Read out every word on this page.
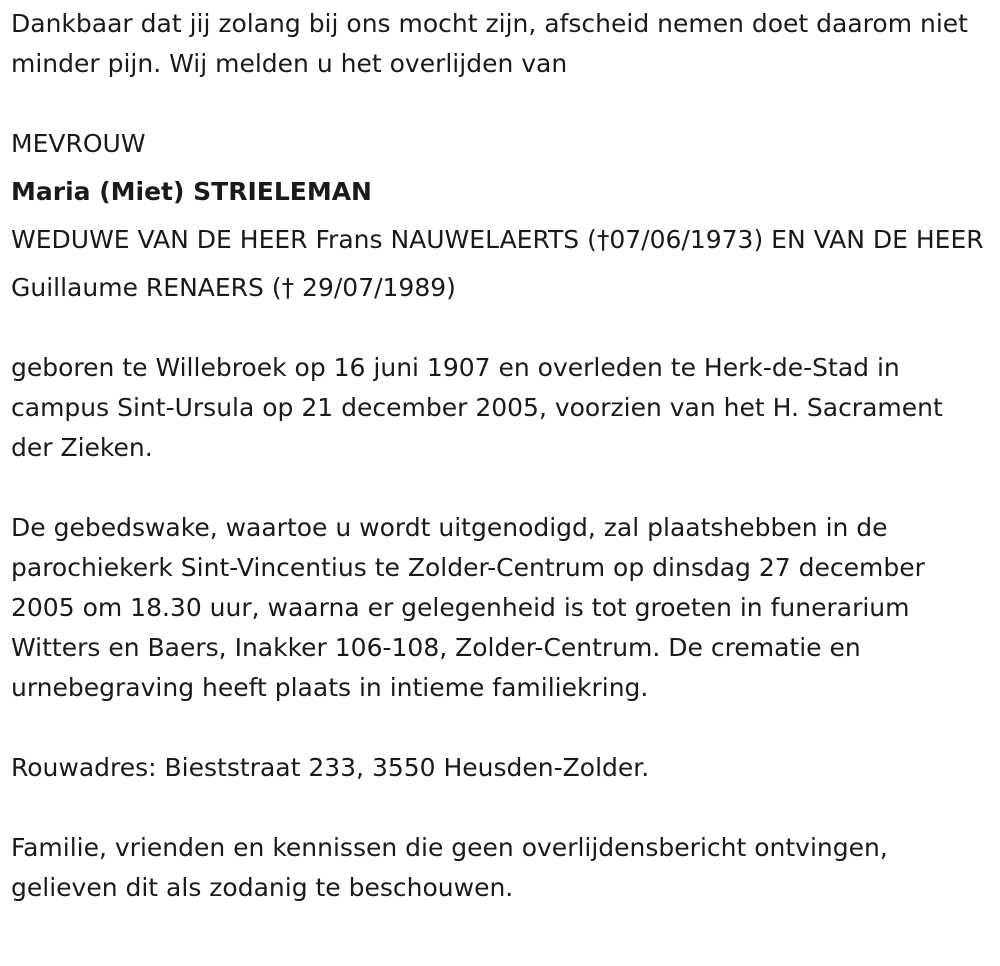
Dankbaar dat jij zolang bij ons mocht zijn, afscheid nemen doet daarom niet minder pijn. Wij melden u het overlijden van

MEVROUW

Maria (Miet) STRIELEMAN

WEDUWE VAN DE HEER Frans NAUWELAERTS (†07/06/1973) EN VAN DE HEER

Guillaume RENAERS († 29/07/1989)

geboren te Willebroek op 16 juni 1907 en overleden te Herk-de-Stad in campus Sint-Ursula op 21 december 2005, voorzien van het H. Sacrament der Zieken.

De gebedswake, waartoe u wordt uitgenodigd, zal plaatshebben in de parochiekerk Sint-Vincentius te Zolder-Centrum op dinsdag 27 december 2005 om 18.30 uur, waarna er gelegenheid is tot groeten in funerarium Witters en Baers, Inakker 106-108, Zolder-Centrum. De crematie en urnebegraving heeft plaats in intieme familiekring.

Rouwadres: Bieststraat 233, 3550 Heusden-Zolder.

Familie, vrienden en kennissen die geen overlijdensbericht ontvingen, gelieven dit als zodanig te beschouwen.
